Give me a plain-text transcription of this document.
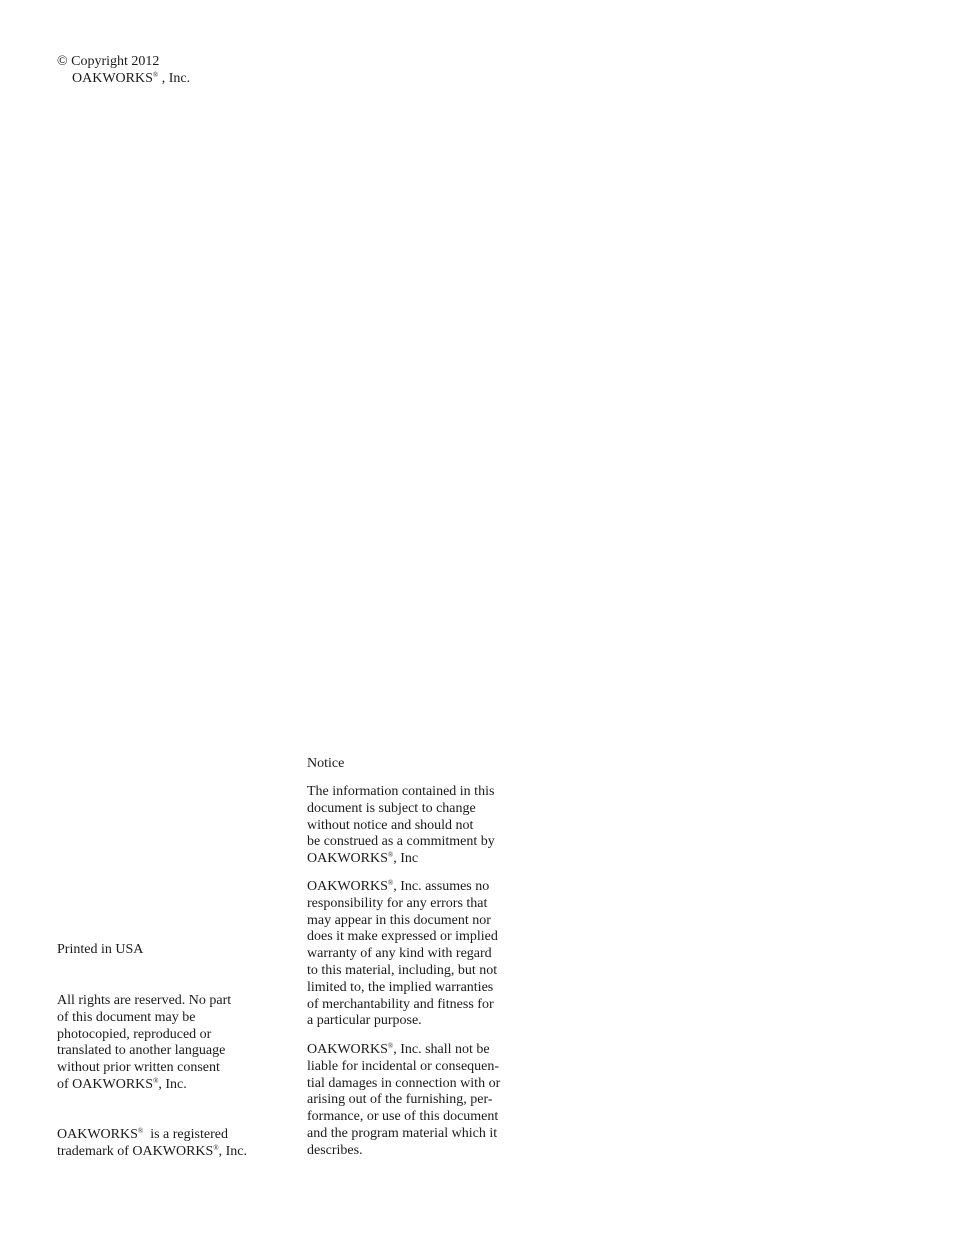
© Copyright 2012
OAKWORKS® , Inc.
Notice
The information contained in this
document is subject to change
without notice and should not
be construed as a commitment by
OAKWORKS®, Inc
OAKWORKS®, Inc. assumes no
responsibility for any errors that
may appear in this document nor
does it make expressed or implied
warranty of any kind with regard
to this material, including, but not
limited to, the implied warranties
of merchantability and fitness for
a particular purpose.
OAKWORKS®, Inc. shall not be
liable for incidental or consequen-
tial damages in connection with or
arising out of the furnishing, per-
formance, or use of this document
and the program material which it
describes.
Printed in USA
All rights are reserved. No part
of this document may be
photocopied, reproduced or
translated to another language
without prior written consent
of OAKWORKS®, Inc.
OAKWORKS®  is a registered
trademark of OAKWORKS®, Inc.
